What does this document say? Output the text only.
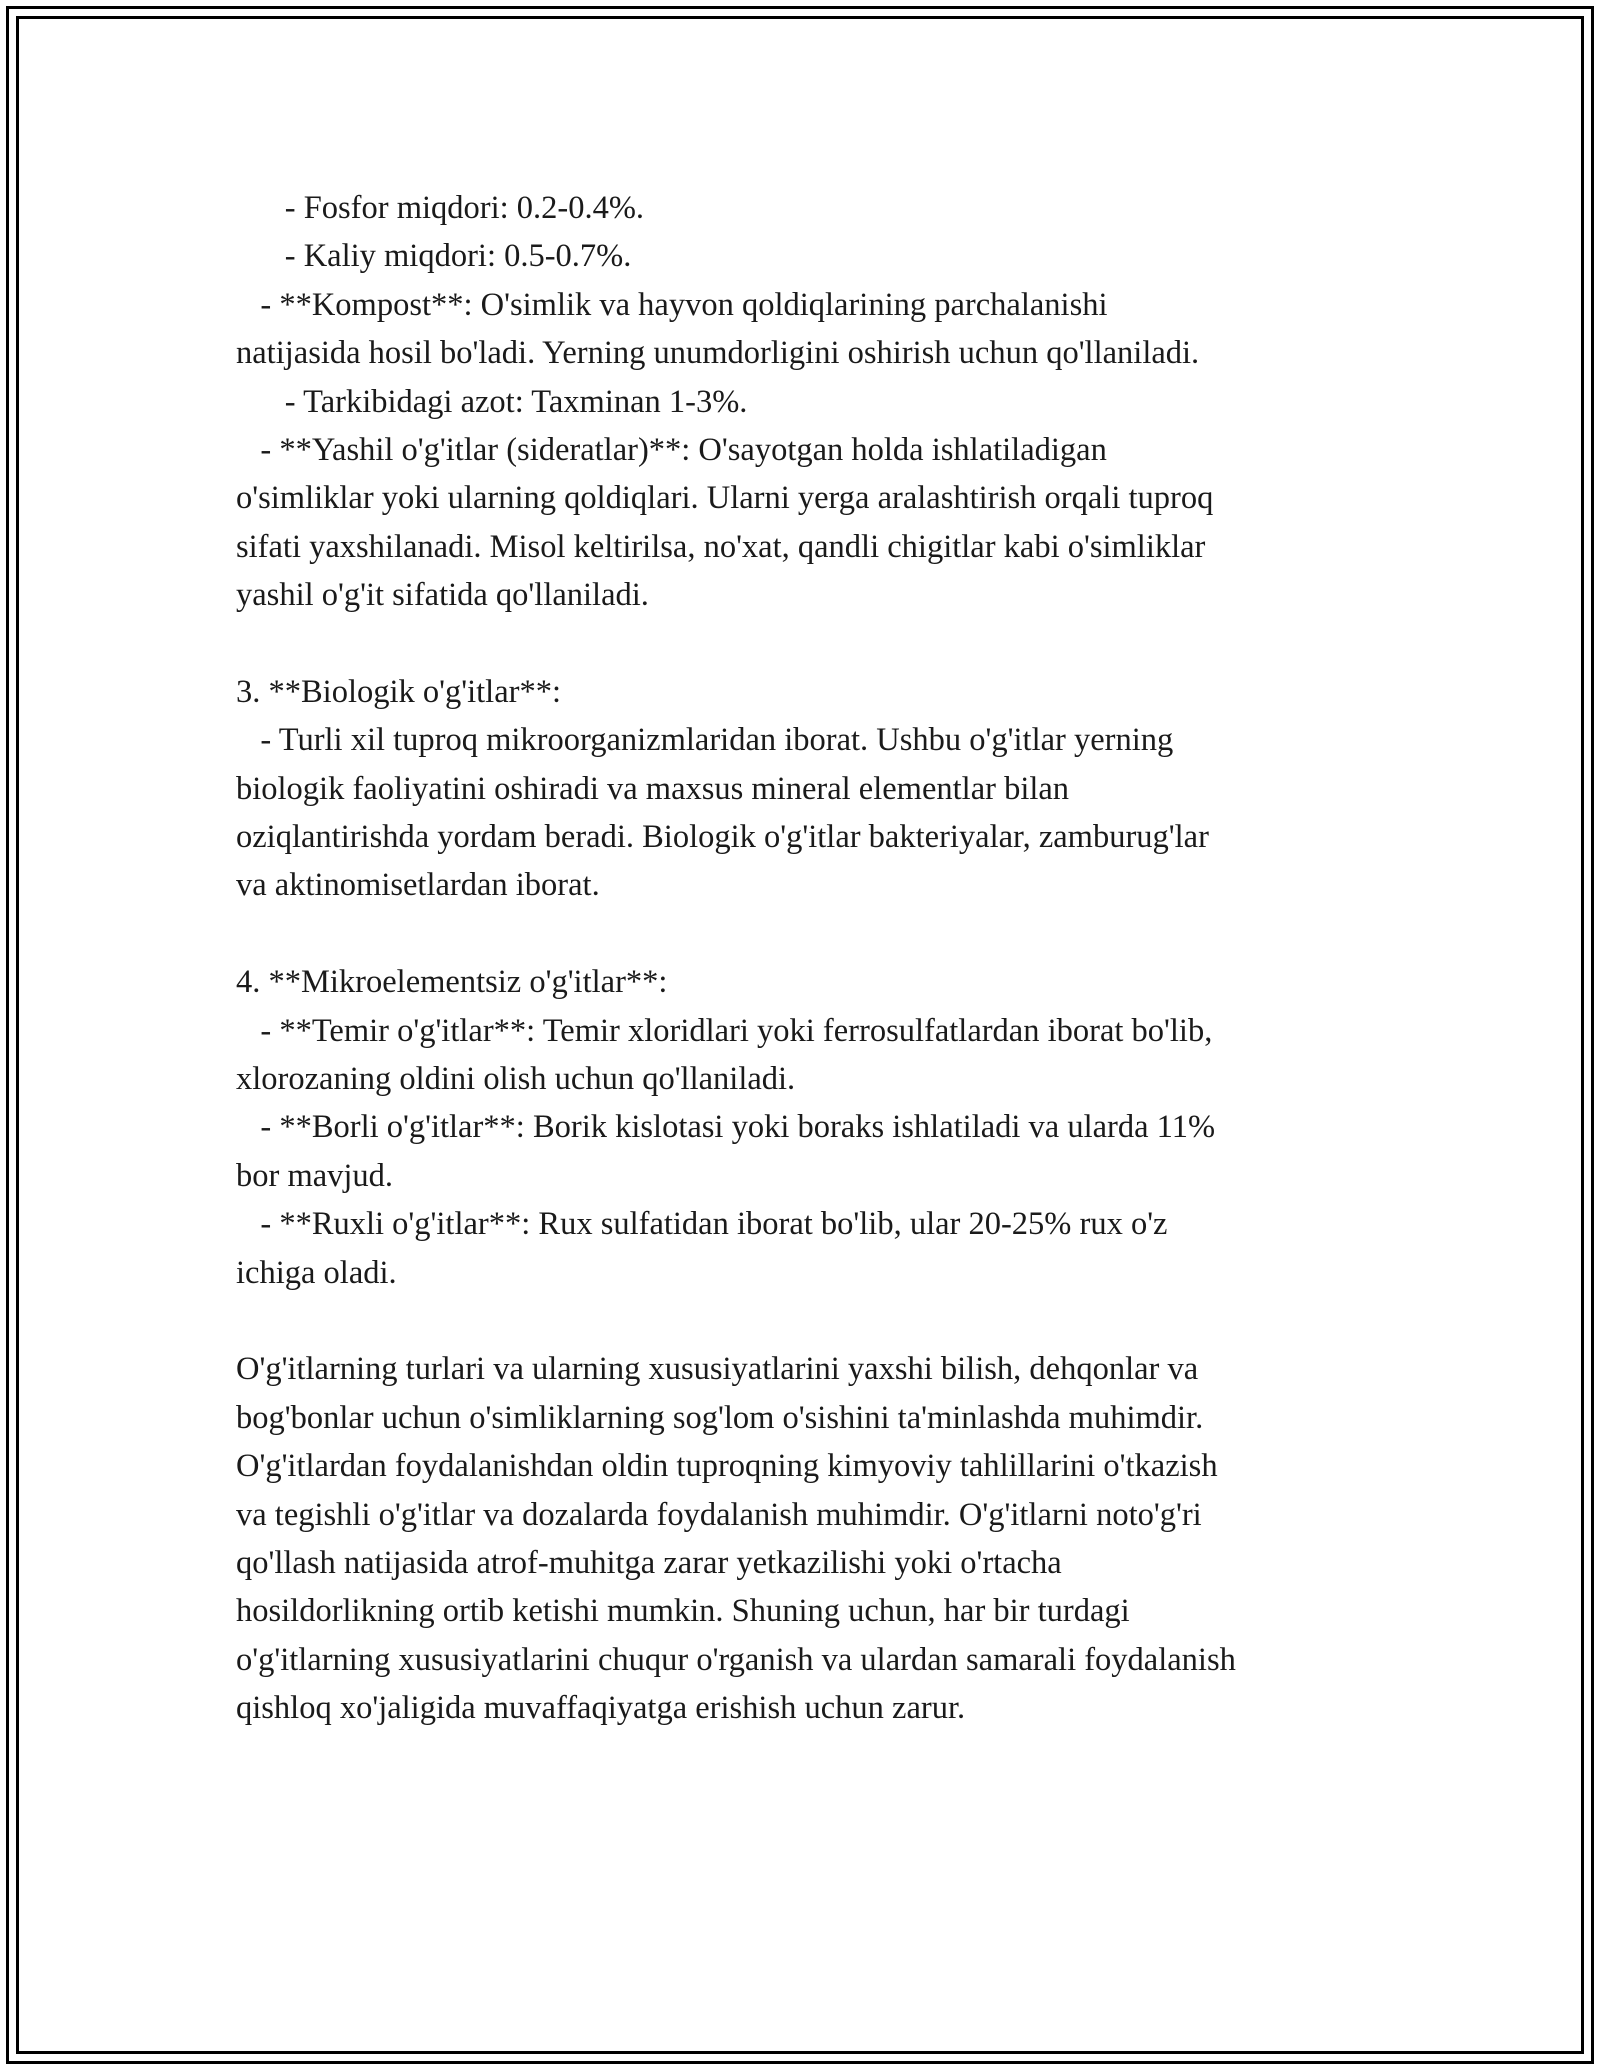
- Fosfor miqdori: 0.2-0.4%.
- Kaliy miqdori: 0.5-0.7%.
- **Kompost**: O'simlik va hayvon qoldiqlarining parchalanishi
natijasida hosil bo'ladi. Yerning unumdorligini oshirish uchun qo'llaniladi.
- Tarkibidagi azot: Taxminan 1-3%.
- **Yashil o'g'itlar (sideratlar)**: O'sayotgan holda ishlatiladigan
o'simliklar yoki ularning qoldiqlari. Ularni yerga aralashtirish orqali tuproq
sifati yaxshilanadi. Misol keltirilsa, no'xat, qandli chigitlar kabi o'simliklar
yashil o'g'it sifatida qo'llaniladi.
3. **Biologik o'g'itlar**:
- Turli xil tuproq mikroorganizmlaridan iborat. Ushbu o'g'itlar yerning
biologik faoliyatini oshiradi va maxsus mineral elementlar bilan
oziqlantirishda yordam beradi. Biologik o'g'itlar bakteriyalar, zamburug'lar
va aktinomisetlardan iborat.
4. **Mikroelementsiz o'g'itlar**:
- **Temir o'g'itlar**: Temir xloridlari yoki ferrosulfatlardan iborat bo'lib,
xlorozaning oldini olish uchun qo'llaniladi.
- **Borli o'g'itlar**: Borik kislotasi yoki boraks ishlatiladi va ularda 11%
bor mavjud.
- **Ruxli o'g'itlar**: Rux sulfatidan iborat bo'lib, ular 20-25% rux o'z
ichiga oladi.
O'g'itlarning turlari va ularning xususiyatlarini yaxshi bilish, dehqonlar va
bog'bonlar uchun o'simliklarning sog'lom o'sishini ta'minlashda muhimdir.
O'g'itlardan foydalanishdan oldin tuproqning kimyoviy tahlillarini o'tkazish
va tegishli o'g'itlar va dozalarda foydalanish muhimdir. O'g'itlarni noto'g'ri
qo'llash natijasida atrof-muhitga zarar yetkazilishi yoki o'rtacha
hosildorlikning ortib ketishi mumkin. Shuning uchun, har bir turdagi
o'g'itlarning xususiyatlarini chuqur o'rganish va ulardan samarali foydalanish
qishloq xo'jaligida muvaffaqiyatga erishish uchun zarur.
